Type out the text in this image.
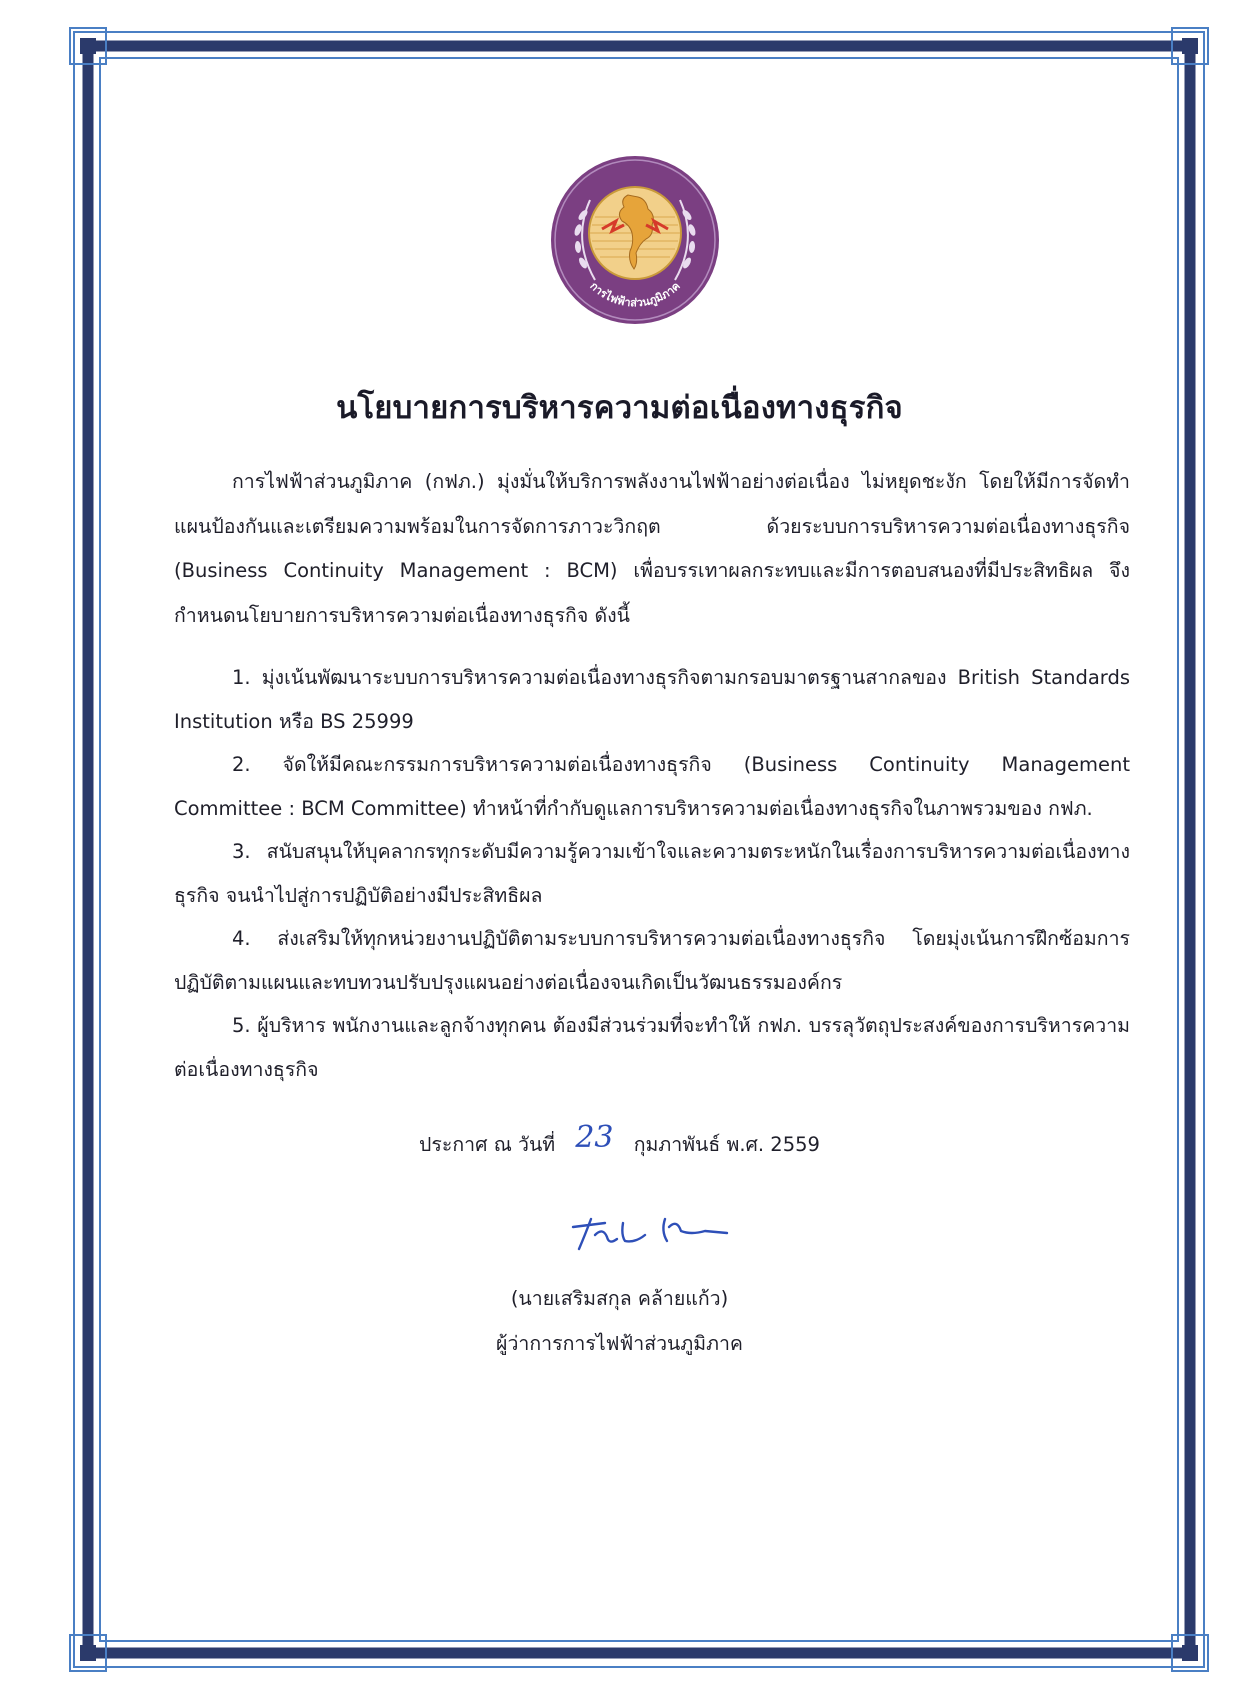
การไฟฟ้าส่วนภูมิภาค
นโยบายการบริหารความต่อเนื่องทางธุรกิจ

การไฟฟ้าส่วนภูมิภาค (กฟภ.) มุ่งมั่นให้บริการพลังงานไฟฟ้าอย่างต่อเนื่อง ไม่หยุดชะงัก โดยให้มีการจัดทำแผนป้องกันและเตรียมความพร้อมในการจัดการภาวะวิกฤต ด้วยระบบการบริหารความต่อเนื่องทางธุรกิจ (Business Continuity Management : BCM) เพื่อบรรเทาผลกระทบและมีการตอบสนองที่มีประสิทธิผล จึงกำหนดนโยบายการบริหารความต่อเนื่องทางธุรกิจ ดังนี้

1. มุ่งเน้นพัฒนาระบบการบริหารความต่อเนื่องทางธุรกิจตามกรอบมาตรฐานสากลของ British Standards Institution หรือ BS 25999

2. จัดให้มีคณะกรรมการบริหารความต่อเนื่องทางธุรกิจ (Business Continuity Management Committee : BCM Committee) ทำหน้าที่กำกับดูแลการบริหารความต่อเนื่องทางธุรกิจในภาพรวมของ กฟภ.

3. สนับสนุนให้บุคลากรทุกระดับมีความรู้ความเข้าใจและความตระหนักในเรื่องการบริหารความต่อเนื่องทางธุรกิจ จนนำไปสู่การปฏิบัติอย่างมีประสิทธิผล

4. ส่งเสริมให้ทุกหน่วยงานปฏิบัติตามระบบการบริหารความต่อเนื่องทางธุรกิจ โดยมุ่งเน้นการฝึกซ้อมการปฏิบัติตามแผนและทบทวนปรับปรุงแผนอย่างต่อเนื่องจนเกิดเป็นวัฒนธรรมองค์กร

5. ผู้บริหาร พนักงานและลูกจ้างทุกคน ต้องมีส่วนร่วมที่จะทำให้ กฟภ. บรรลุวัตถุประสงค์ของการบริหารความต่อเนื่องทางธุรกิจ

ประกาศ ณ วันที่ 23 กุมภาพันธ์ พ.ศ. 2559
(นายเสริมสกุล คล้ายแก้ว)
ผู้ว่าการการไฟฟ้าส่วนภูมิภาค
